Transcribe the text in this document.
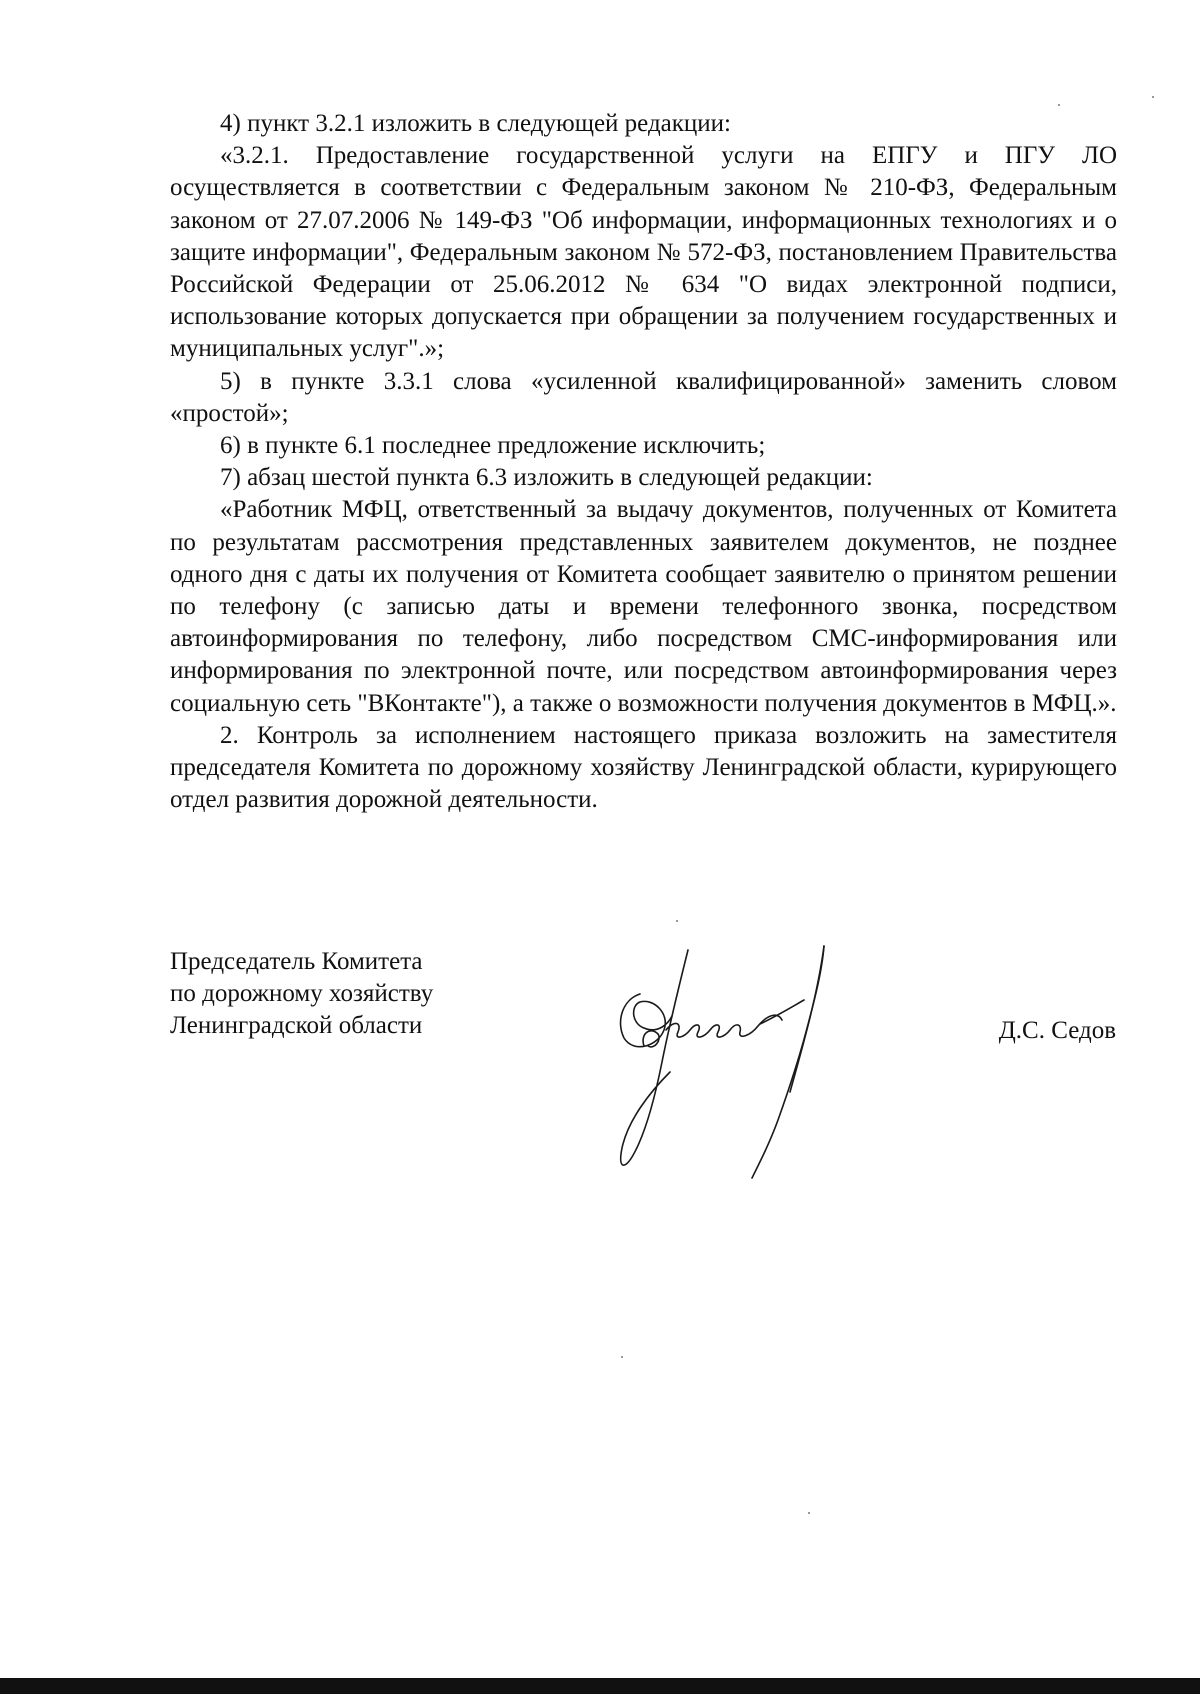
4) пункт 3.2.1 изложить в следующей редакции:

«3.2.1. Предоставление государственной услуги на ЕПГУ и ПГУ ЛО осуществляется в соответствии с Федеральным законом № 210-ФЗ, Федеральным законом от 27.07.2006 № 149-ФЗ "Об информации, информационных технологиях и о защите информации", Федеральным законом № 572-ФЗ, постановлением Правительства Российской Федерации от 25.06.2012 № 634 "О видах электронной подписи, использование которых допускается при обращении за получением государственных и муниципальных услуг".»;

5) в пункте 3.3.1 слова «усиленной квалифицированной» заменить словом «простой»;

6) в пункте 6.1 последнее предложение исключить;

7) абзац шестой пункта 6.3 изложить в следующей редакции:

«Работник МФЦ, ответственный за выдачу документов, полученных от Комитета по результатам рассмотрения представленных заявителем документов, не позднее одного дня с даты их получения от Комитета сообщает заявителю о принятом решении по телефону (с записью даты и времени телефонного звонка, посредством автоинформирования по телефону, либо посредством СМС-информирования или информирования по электронной почте, или посредством автоинформирования через социальную сеть "ВКонтакте"), а также о возможности получения документов в МФЦ.».

2. Контроль за исполнением настоящего приказа возложить на заместителя председателя Комитета по дорожному хозяйству Ленинградской области, курирующего отдел развития дорожной деятельности.

Председатель Комитета
по дорожному хозяйству
Ленинградской области	Д.С. Седов
